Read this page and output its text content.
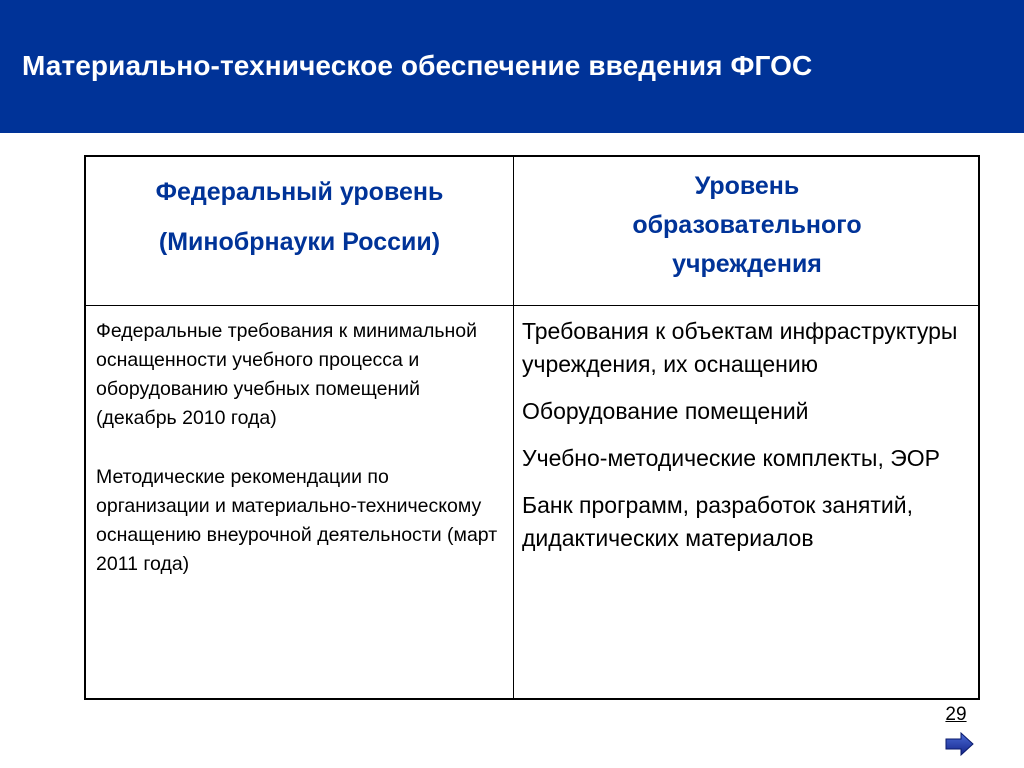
Материально-техническое обеспечение введения ФГОС
Федеральный уровень
(Минобрнауки России)
Уровень
образовательного
учреждения

Федеральные требования к минимальной оснащенности учебного процесса и оборудованию учебных помещений (декабрь 2010 года)

Методические рекомендации по организации и материально-техническому оснащению внеурочной деятельности (март 2011 года)

Требования к объектам инфраструктуры учреждения, их оснащению

Оборудование помещений

Учебно-методические комплекты, ЭОР

Банк программ, разработок занятий, дидактических материалов

29
